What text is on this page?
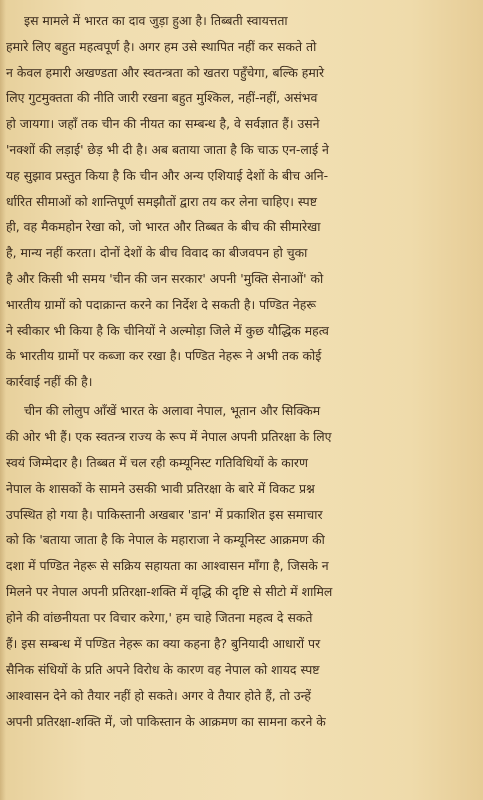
इस मामले में भारत का दाव जुड़ा हुआ है। तिब्बती स्वायत्तता
हमारे लिए बहुत महत्वपूर्ण है। अगर हम उसे स्थापित नहीं कर सकते तो
न केवल हमारी अखण्डता और स्वतन्त्रता को खतरा पहुँचेगा, बल्कि हमारे
लिए गुटमुक्तता की नीति जारी रखना बहुत मुश्किल, नहीं-नहीं, असंभव
हो जायगा। जहाँ तक चीन की नीयत का सम्बन्ध है, वे सर्वज्ञात हैं। उसने
'नक्शों की लड़ाई' छेड़ भी दी है। अब बताया जाता है कि चाऊ एन-लाई ने
यह सुझाव प्रस्तुत किया है कि चीन और अन्य एशियाई देशों के बीच अनि-
र्धारित सीमाओं को शान्तिपूर्ण समझौतों द्वारा तय कर लेना चाहिए। स्पष्ट
ही, वह मैकमहोन रेखा को, जो भारत और तिब्बत के बीच की सीमारेखा
है, मान्य नहीं करता। दोनों देशों के बीच विवाद का बीजवपन हो चुका
है और किसी भी समय 'चीन की जन सरकार' अपनी 'मुक्ति सेनाओं' को
भारतीय ग्रामों को पदाक्रान्त करने का निर्देश दे सकती है। पण्डित नेहरू
ने स्वीकार भी किया है कि चीनियों ने अल्मोड़ा जिले में कुछ यौद्धिक महत्व
के भारतीय ग्रामों पर कब्जा कर रखा है। पण्डित नेहरू ने अभी तक कोई
कार्रवाई नहीं की है।
चीन की लोलुप आँखें भारत के अलावा नेपाल, भूतान और सिक्किम
की ओर भी हैं। एक स्वतन्त्र राज्य के रूप में नेपाल अपनी प्रतिरक्षा के लिए
स्वयं जिम्मेदार है। तिब्बत में चल रही कम्यूनिस्ट गतिविधियों के कारण
नेपाल के शासकों के सामने उसकी भावी प्रतिरक्षा के बारे में विकट प्रश्न
उपस्थित हो गया है। पाकिस्तानी अखबार 'डान' में प्रकाशित इस समाचार
को कि 'बताया जाता है कि नेपाल के महाराजा ने कम्यूनिस्ट आक्रमण की
दशा में पण्डित नेहरू से सक्रिय सहायता का आश्वासन माँगा है, जिसके न
मिलने पर नेपाल अपनी प्रतिरक्षा-शक्ति में वृद्धि की दृष्टि से सीटो में शामिल
होने की वांछनीयता पर विचार करेगा,' हम चाहे जितना महत्व दे सकते
हैं। इस सम्बन्ध में पण्डित नेहरू का क्या कहना है? बुनियादी आधारों पर
सैनिक संधियों के प्रति अपने विरोध के कारण वह नेपाल को शायद स्पष्ट
आश्वासन देने को तैयार नहीं हो सकते। अगर वे तैयार होते हैं, तो उन्हें
अपनी प्रतिरक्षा-शक्ति में, जो पाकिस्तान के आक्रमण का सामना करने के
